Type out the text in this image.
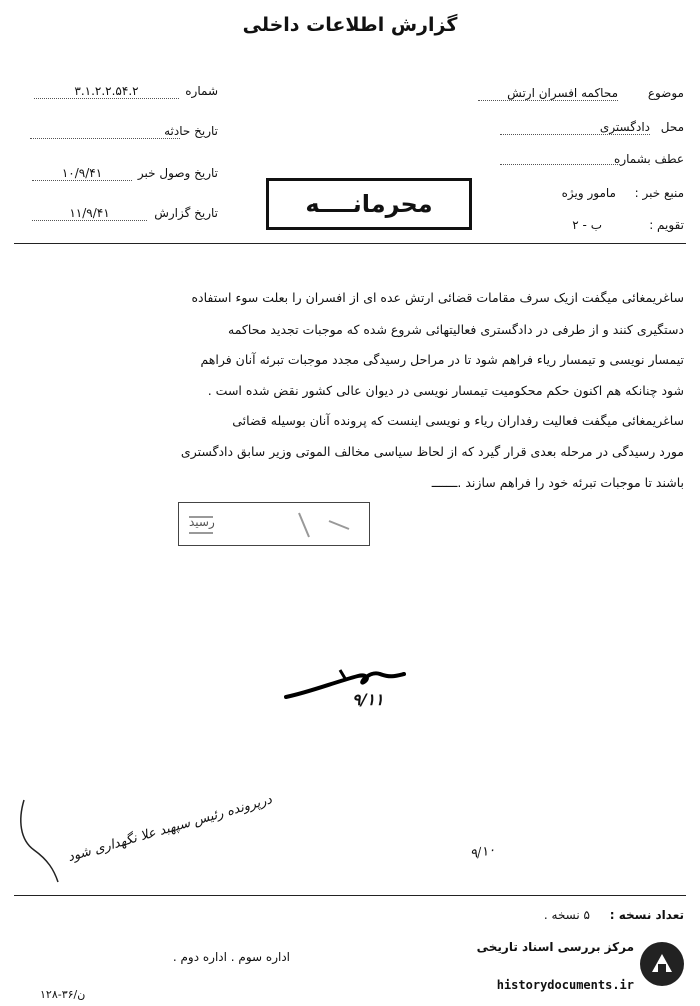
گزارش اطلاعات داخلی
شماره
۳.۱.۲.۲.۵۴.۲
تاریخ حادثه
تاریخ وصول خبر
۱۰/۹/۴۱
تاریخ گزارش
۱۱/۹/۴۱
موضوع
محاکمه افسران ارتش
محل
دادگستری
عطف بشماره
منبع خبر :
مامور ویژه
تقویم :
ب - ۲
محرمانــــه
ساغریمغائی میگفت ازیک سرف مقامات قضائی ارتش عده ای از افسران را بعلت سوء استفاده
دستگیری کنند و از طرفی در دادگستری فعالیتهائی شروع شده که موجبات تجدید محاکمه
تیمسار نویسی و تیمسار ریاء فراهم شود تا در مراحل رسیدگی مجدد موجبات تبرئه آنان فراهم
شود چنانکه هم اکنون حکم محکومیت تیمسار نویسی در دیوان عالی کشور نقض شده است .
ساغریمغائی میگفت فعالیت رفداران ریاء و نویسی اینست که پرونده آنان بوسیله قضائی
مورد رسیدگی در مرحله بعدی قرار گیرد که از لحاظ سیاسی مخالف الموتی وزیر سابق دادگستری
باشند تا موجبات تبرئه خود را فراهم سازند .ـــــــ
رسید
۹/۱۱
درپرونده رئیس سپهبد علا نگهداری شود	۹/۱۰
تعداد نسخه :
۵ نسخه .
اداره سوم . اداره دوم .
ن/۳۶-۱۲۸
مرکز بررسی اسناد تاریخی
historydocuments.ir
